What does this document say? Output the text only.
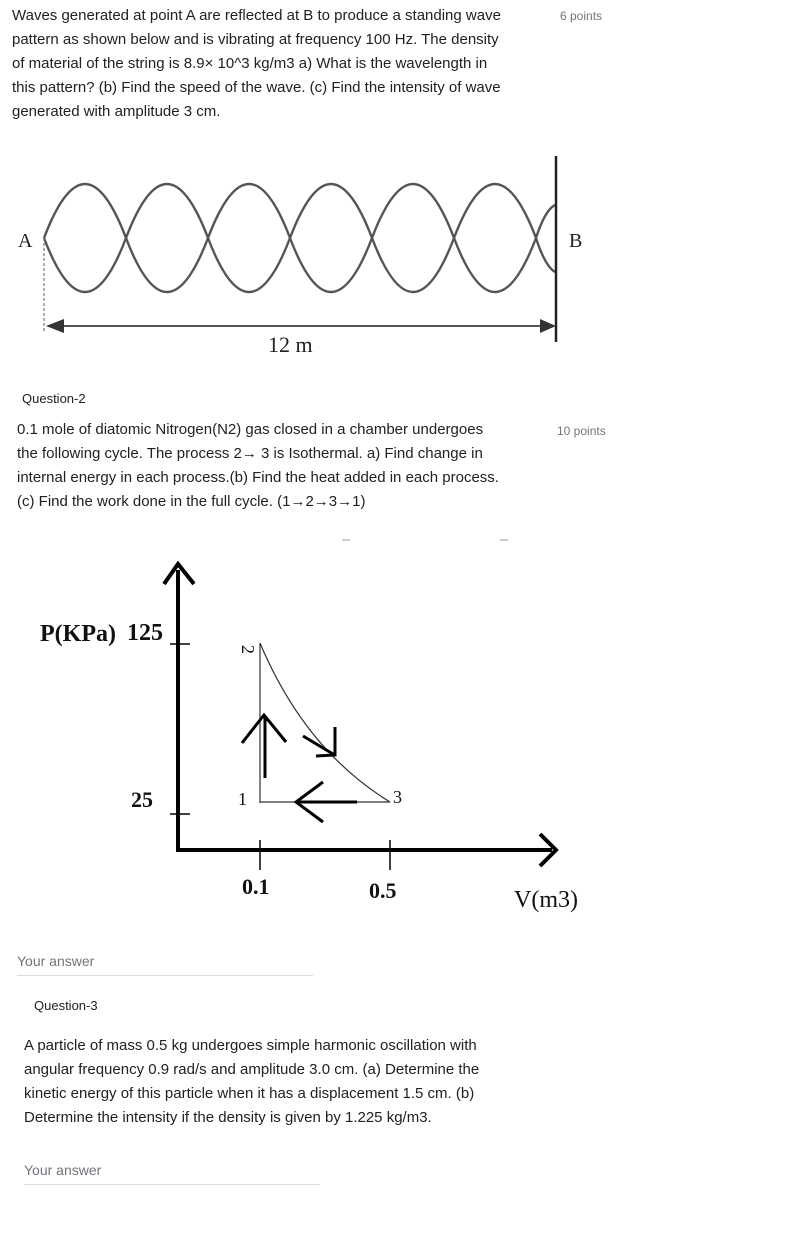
Waves generated at point A are reflected at B to produce a standing wave

pattern as shown below and is vibrating at frequency 100 Hz. The density

of material of the string is 8.9× 10^3 kg/m3 a) What is the wavelength in

this pattern? (b) Find the speed of the wave. (c) Find the intensity of wave

generated with amplitude 3 cm.

6 points
A	B
12 m
Question-2

0.1 mole of diatomic Nitrogen(N2) gas closed in a chamber undergoes

the following cycle. The process 2→ 3 is Isothermal. a) Find change in

internal energy in each process.(b) Find the heat added in each process.

(c) Find the work done in the full cycle. (1→2→3→1)

10 points
P(KPa) 125
25	1
2
3
0.1	0.5	V(m3)
Your answer
Question-3

A particle of mass 0.5 kg undergoes simple harmonic oscillation with

angular frequency 0.9 rad/s and amplitude 3.0 cm. (a) Determine the

kinetic energy of this particle when it has a displacement 1.5 cm. (b)

Determine the intensity if the density is given by 1.225 kg/m3.

Your answer
